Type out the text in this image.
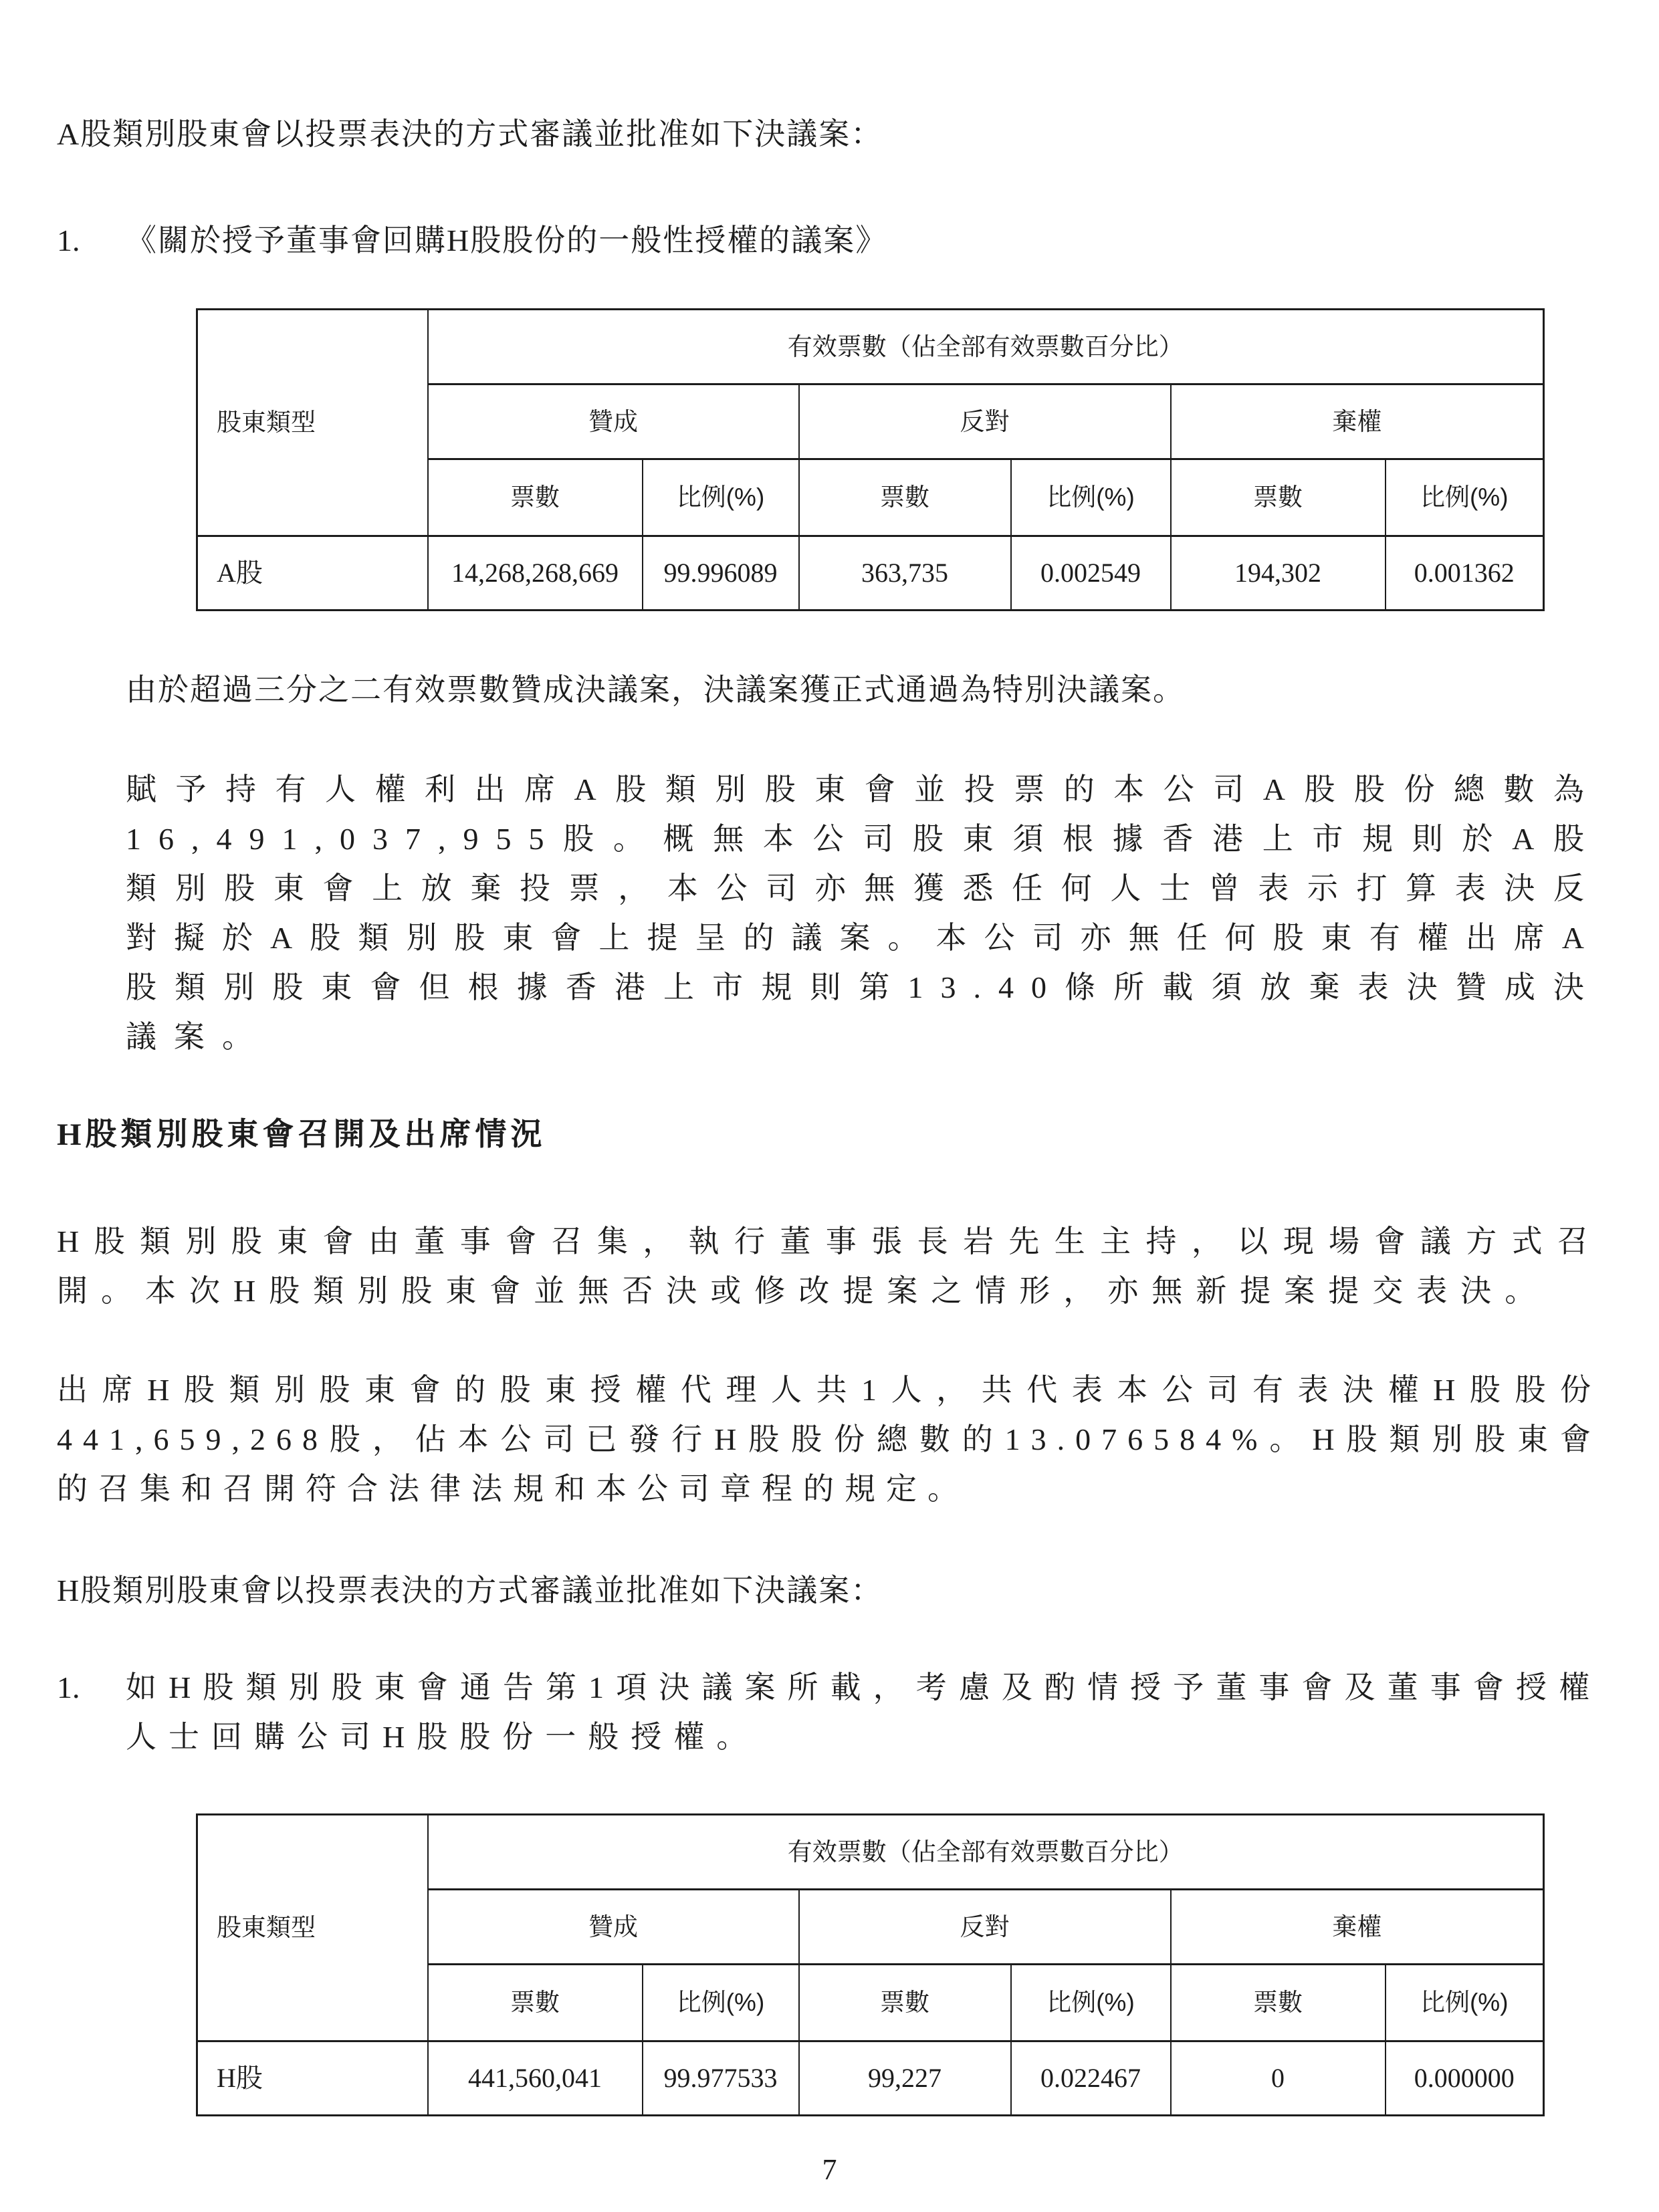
A股類別股東會以投票表決的方式審議並批准如下決議案：

1.	《關於授予董事會回購H股股份的一般性授權的議案》
股東類型	有效票數（佔全部有效票數百分比）					
	贊成		反對		棄權	
	票數	比例(%)	票數	比例(%)	票數	比例(%)
A股	14,268,268,669	99.996089	363,735	0.002549	194,302	0.001362

由於超過三分之二有效票數贊成決議案，決議案獲正式通過為特別決議案。

賦予持有人權利出席A股類別股東會並投票的本公司A股股份總數為16,491,037,955股。概無本公司股東須根據香港上市規則於A股類別股東會上放棄投票，本公司亦無獲悉任何人士曾表示打算表決反對擬於A股類別股東會上提呈的議案。本公司亦無任何股東有權出席A股類別股東會但根據香港上市規則第13.40條所載須放棄表決贊成決議案。

H股類別股東會召開及出席情況

H股類別股東會由董事會召集，執行董事張長岩先生主持，以現場會議方式召開。本次H股類別股東會並無否決或修改提案之情形，亦無新提案提交表決。

出席H股類別股東會的股東授權代理人共1人，共代表本公司有表決權H股股份441,659,268股，佔本公司已發行H股股份總數的13.076584%。H股類別股東會的召集和召開符合法律法規和本公司章程的規定。

H股類別股東會以投票表決的方式審議並批准如下決議案：

1.	如H股類別股東會通告第1項決議案所載，考慮及酌情授予董事會及董事會授權人士回購公司H股股份一般授權。
股東類型	有效票數（佔全部有效票數百分比）					
	贊成		反對		棄權	
	票數	比例(%)	票數	比例(%)	票數	比例(%)
H股	441,560,041	99.977533	99,227	0.022467	0	0.000000
7
